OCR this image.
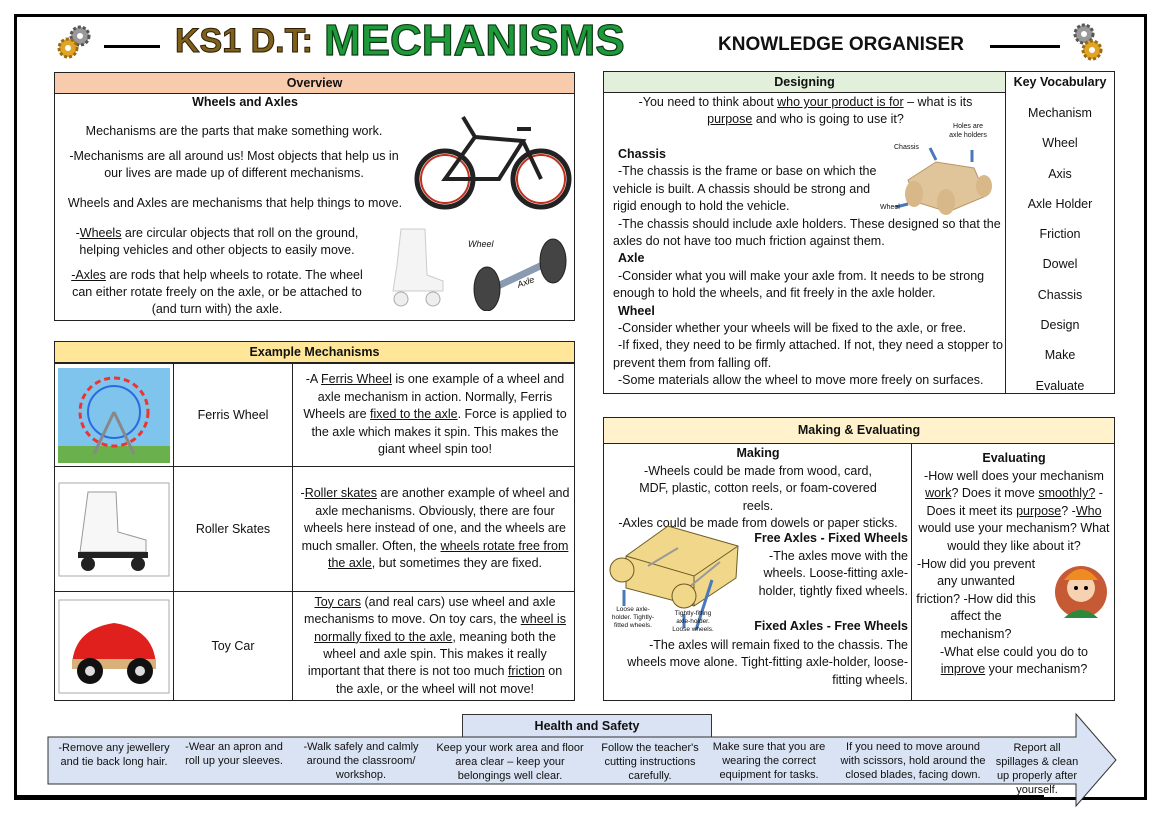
KS1 D.T: MECHANISMS	KNOWLEDGE ORGANISER
Overview
Wheels and Axles
Mechanisms are the parts that make something work.
-Mechanisms are all around us! Most objects that help us in our lives are made up of different mechanisms.
Wheels and Axles are mechanisms that help things to move.
-Wheels are circular objects that roll on the ground, helping vehicles and other objects to easily move.
-Axles are rods that help wheels to rotate. The wheel can either rotate freely on the axle, or be attached to (and turn with) the axle.
Wheel
Axle
Example Mechanisms
Ferris Wheel
-A Ferris Wheel is one example of a wheel and axle mechanism in action. Normally, Ferris Wheels are fixed to the axle. Force is applied to the axle which makes it spin. This makes the giant wheel spin too!
Roller Skates
-Roller skates are another example of wheel and axle mechanisms. Obviously, there are four wheels here instead of one, and the wheels are much smaller. Often, the wheels rotate free from the axle, but sometimes they are fixed.
Toy Car
Toy cars (and real cars) use wheel and axle mechanisms to move. On toy cars, the wheel is normally fixed to the axle, meaning both the wheel and axle spin. This makes it really important that there is not too much friction on the axle, or the wheel will not move!
Designing
-You need to think about who your product is for – what is its purpose and who is going to use it?
Chassis
-The chassis is the frame or base on which the vehicle is built. A chassis should be strong and rigid enough to hold the vehicle.
-The chassis should include axle holders. These designed so that the axles do not have too much friction against them.
Axle
-Consider what you will make your axle from. It needs to be strong enough to hold the wheels, and fit freely in the axle holder.
Wheel
-Consider whether your wheels will be fixed to the axle, or free.
-If fixed, they need to be firmly attached. If not, they need a stopper to prevent them from falling off.
-Some materials allow the wheel to move more freely on surfaces.
Chassis
Holes are axle holders
Wheel
Key Vocabulary
Mechanism
Wheel
Axis
Axle Holder
Friction
Dowel
Chassis
Design
Make
Evaluate
Making & Evaluating
Making
-Wheels could be made from wood, card, MDF, plastic, cotton reels, or foam-covered reels.
-Axles could be made from dowels or paper sticks.
Free Axles - Fixed Wheels
-The axles move with the wheels. Loose-fitting axle-holder, tightly fixed wheels.
Fixed Axles - Free Wheels
-The axles will remain fixed to the chassis. The wheels move alone. Tight-fitting axle-holder, loose-fitting wheels.
Loose axle-holder. Tightly-fitted wheels.
Tightly-fitting axle-holder. Loose wheels.
Evaluating
-How well does your mechanism work? Does it move smoothly? -Does it meet its purpose? -Who would use your mechanism? What would they like about it?
-How did you prevent any unwanted friction? -How did this affect the mechanism?
-What else could you do to improve your mechanism?
Health and Safety
-Remove any jewellery and tie back long hair.
-Wear an apron and roll up your sleeves.
-Walk safely and calmly around the classroom/ workshop.
Keep your work area and floor area clear – keep your belongings well clear.
Follow the teacher's cutting instructions carefully.
Make sure that you are wearing the correct equipment for tasks.
If you need to move around with scissors, hold around the closed blades, facing down.
Report all spillages & clean up properly after yourself.
